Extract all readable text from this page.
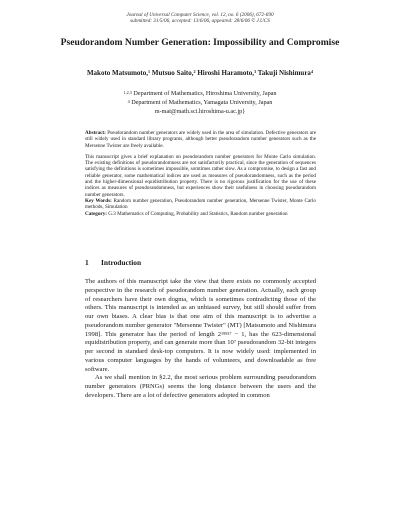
Journal of Universal Computer Science, vol. 12, no. 6 (2006), 672-690
submitted: 31/5/06, accepted: 13/6/06, appeared: 28/6/06 © J.UCS
Pseudorandom Number Generation: Impossibility and Compromise
Makoto Matsumoto,$^1$ Mutsuo Saito,$^2$ Hiroshi Haramoto,$^3$ Takuji Nishimura$^4$
$^{1,2,3}$ Department of Mathematics, Hiroshima University, Japan
$^4$ Department of Mathematics, Yamagata University, Japan
m-mat@math.sci.hiroshima-u.ac.jp}

Abstract: Pseudorandom number generators are widely used in the area of simulation. Defective generators are still widely used in standard library programs, although better pseudorandom number generators such as the Mersenne Twister are freely available.

This manuscript gives a brief explanation on pseudorandom number generators for Monte Carlo simulation. The existing definitions of pseudorandomness are not satisfactorily practical, since the generation of sequences satisfying the definitions is sometimes impossible, somtimes rather slow. As a compromise, to design a fast and reliable generator, some mathematical indices are used as measures of pseudorandomness, such as the period and the higher-dimensional equidistribution property. There is no rigorous justification for the use of these indices as measures of pseudorandomness, but experiences show their usefulness in choosing pseudorandom number generators.

Key Words: Random number generation, Pseudorandom number generation, Mersenne Twister, Monte Carlo methods, Simulation

Category: G.3 Mathematics of Computing, Probability and Statistics, Random number generation

1 Introduction

The authors of this manuscript take the view that there exists no commonly accepted perspective in the research of pseudorandom number generation. Actually, each group of researchers have their own dogma, which is sometimes contradicting those of the others. This manuscript is intended as an unbiased survey, but still should suffer from our own biases. A clear bias is that one aim of this manuscript is to advertise a pseudorandom number generator "Mersenne Twister" (MT) [Matsumoto and Nishimura 1998]. This generator has the period of length $2^{19937} - 1$, has the 623-dimensional equidistribution property, and can generate more than $10^7$ pseudorandom 32-bit integers per second in standard desk-top computers. It is now widely used: implemented in various computer languages by the hands of volunteers, and downloadable as free software.

As we shall mention in §2.2, the most serious problem surrounding pseudorandom number generators (PRNGs) seems the long distance between the users and the developers. There are a lot of defective generators adopted in common
